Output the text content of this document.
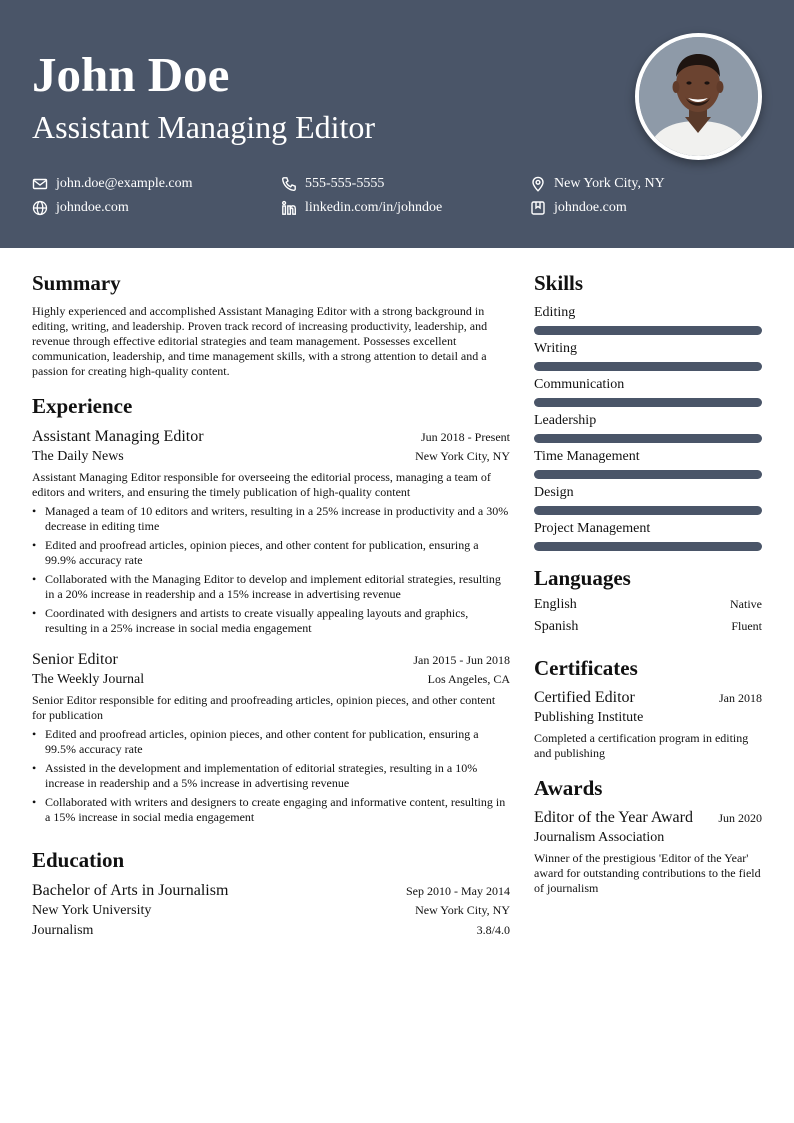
John Doe
Assistant Managing Editor
john.doe@example.com	555-555-5555	New York City, NY
johndoe.com	linkedin.com/in/johndoe	johndoe.com
Summary

Highly experienced and accomplished Assistant Managing Editor with a strong background in editing, writing, and leadership. Proven track record of increasing productivity, leadership, and revenue through effective editorial strategies and team management. Possesses excellent communication, leadership, and time management skills, with a strong attention to detail and a passion for creating high-quality content.

Experience
Assistant Managing Editor	Jun 2018 - Present
The Daily News	New York City, NY

Assistant Managing Editor responsible for overseeing the editorial process, managing a team of editors and writers, and ensuring the timely publication of high-quality content

• Managed a team of 10 editors and writers, resulting in a 25% increase in productivity and a 30% decrease in editing time
• Edited and proofread articles, opinion pieces, and other content for publication, ensuring a 99.9% accuracy rate
• Collaborated with the Managing Editor to develop and implement editorial strategies, resulting in a 20% increase in readership and a 15% increase in advertising revenue
• Coordinated with designers and artists to create visually appealing layouts and graphics, resulting in a 25% increase in social media engagement
Senior Editor	Jan 2015 - Jun 2018
The Weekly Journal	Los Angeles, CA

Senior Editor responsible for editing and proofreading articles, opinion pieces, and other content for publication

• Edited and proofread articles, opinion pieces, and other content for publication, ensuring a 99.5% accuracy rate
• Assisted in the development and implementation of editorial strategies, resulting in a 10% increase in readership and a 5% increase in advertising revenue
• Collaborated with writers and designers to create engaging and informative content, resulting in a 15% increase in social media engagement
Education
Bachelor of Arts in Journalism	Sep 2010 - May 2014
New York University	New York City, NY
Journalism	3.8/4.0
Skills
Editing
Writing
Communication
Leadership
Time Management
Design
Project Management
Languages
English	Native
Spanish	Fluent
Certificates
Certified Editor	Jan 2018
Publishing Institute

Completed a certification program in editing and publishing

Awards
Editor of the Year Award Jun 2020
Journalism Association

Winner of the prestigious 'Editor of the Year' award for outstanding contributions to the field of journalism
